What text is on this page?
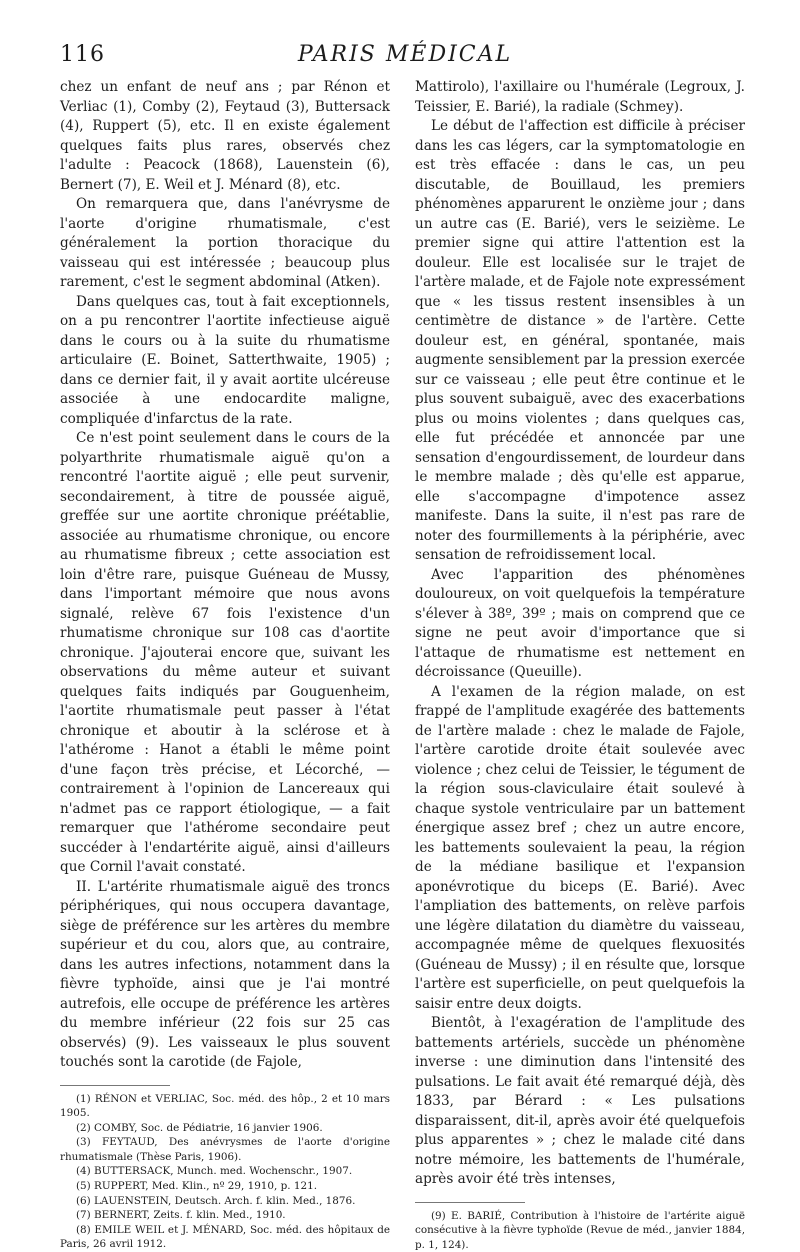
116	PARIS MÉDICAL

chez un enfant de neuf ans ; par Rénon et Verliac (1), Comby (2), Feytaud (3), Buttersack (4), Ruppert (5), etc. Il en existe également quelques faits plus rares, observés chez l'adulte : Peacock (1868), Lauenstein (6), Bernert (7), E. Weil et J. Ménard (8), etc.

On remarquera que, dans l'anévrysme de l'aorte d'origine rhumatismale, c'est généralement la portion thoracique du vaisseau qui est intéressée ; beaucoup plus rarement, c'est le segment abdominal (Atken).

Dans quelques cas, tout à fait exceptionnels, on a pu rencontrer l'aortite infectieuse aiguë dans le cours ou à la suite du rhumatisme articulaire (E. Boinet, Satterthwaite, 1905) ; dans ce dernier fait, il y avait aortite ulcéreuse associée à une endocardite maligne, compliquée d'infarctus de la rate.

Ce n'est point seulement dans le cours de la polyarthrite rhumatismale aiguë qu'on a rencontré l'aortite aiguë ; elle peut survenir, secondairement, à titre de poussée aiguë, greffée sur une aortite chronique préétablie, associée au rhumatisme chronique, ou encore au rhumatisme fibreux ; cette association est loin d'être rare, puisque Guéneau de Mussy, dans l'important mémoire que nous avons signalé, relève 67 fois l'existence d'un rhumatisme chronique sur 108 cas d'aortite chronique. J'ajouterai encore que, suivant les observations du même auteur et suivant quelques faits indiqués par Gouguenheim, l'aortite rhumatismale peut passer à l'état chronique et aboutir à la sclérose et à l'athérome : Hanot a établi le même point d'une façon très précise, et Lécorché, — contrairement à l'opinion de Lancereaux qui n'admet pas ce rapport étiologique, — a fait remarquer que l'athérome secondaire peut succéder à l'endartérite aiguë, ainsi d'ailleurs que Cornil l'avait constaté.

II. L'artérite rhumatismale aiguë des troncs périphériques, qui nous occupera davantage, siège de préférence sur les artères du membre supérieur et du cou, alors que, au contraire, dans les autres infections, notamment dans la fièvre typhoïde, ainsi que je l'ai montré autrefois, elle occupe de préférence les artères du membre inférieur (22 fois sur 25 cas observés) (9). Les vaisseaux le plus souvent touchés sont la carotide (de Fajole,

(1) RÉNON et VERLIAC, Soc. méd. des hôp., 2 et 10 mars 1905.

(2) COMBY, Soc. de Pédiatrie, 16 janvier 1906.

(3) FEYTAUD, Des anévrysmes de l'aorte d'origine rhumatismale (Thèse Paris, 1906).

(4) BUTTERSACK, Munch. med. Wochenschr., 1907.

(5) RUPPERT, Med. Klin., nº 29, 1910, p. 121.

(6) LAUENSTEIN, Deutsch. Arch. f. klin. Med., 1876.

(7) BERNERT, Zeits. f. klin. Med., 1910.

(8) EMILE WEIL et J. MÉNARD, Soc. méd. des hôpitaux de Paris, 26 avril 1912.

Mattirolo), l'axillaire ou l'humérale (Legroux, J. Teissier, E. Barié), la radiale (Schmey).

Le début de l'affection est difficile à préciser dans les cas légers, car la symptomatologie en est très effacée : dans le cas, un peu discutable, de Bouillaud, les premiers phénomènes apparurent le onzième jour ; dans un autre cas (E. Barié), vers le seizième. Le premier signe qui attire l'attention est la douleur. Elle est localisée sur le trajet de l'artère malade, et de Fajole note expressément que « les tissus restent insensibles à un centimètre de distance » de l'artère. Cette douleur est, en général, spontanée, mais augmente sensiblement par la pression exercée sur ce vaisseau ; elle peut être continue et le plus souvent subaiguë, avec des exacerbations plus ou moins violentes ; dans quelques cas, elle fut précédée et annoncée par une sensation d'engourdissement, de lourdeur dans le membre malade ; dès qu'elle est apparue, elle s'accompagne d'impotence assez manifeste. Dans la suite, il n'est pas rare de noter des fourmillements à la périphérie, avec sensation de refroidissement local.

Avec l'apparition des phénomènes douloureux, on voit quelquefois la température s'élever à 38º, 39º ; mais on comprend que ce signe ne peut avoir d'importance que si l'attaque de rhumatisme est nettement en décroissance (Queuille).

A l'examen de la région malade, on est frappé de l'amplitude exagérée des battements de l'artère malade : chez le malade de Fajole, l'artère carotide droite était soulevée avec violence ; chez celui de Teissier, le tégument de la région sous-claviculaire était soulevé à chaque systole ventriculaire par un battement énergique assez bref ; chez un autre encore, les battements soulevaient la peau, la région de la médiane basilique et l'expansion aponévrotique du biceps (E. Barié). Avec l'ampliation des battements, on relève parfois une légère dilatation du diamètre du vaisseau, accompagnée même de quelques flexuosités (Guéneau de Mussy) ; il en résulte que, lorsque l'artère est superficielle, on peut quelquefois la saisir entre deux doigts.

Bientôt, à l'exagération de l'amplitude des battements artériels, succède un phénomène inverse : une diminution dans l'intensité des pulsations. Le fait avait été remarqué déjà, dès 1833, par Bérard : « Les pulsations disparaissent, dit-il, après avoir été quelquefois plus apparentes » ; chez le malade cité dans notre mémoire, les battements de l'humérale, après avoir été très intenses,

(9) E. BARIÉ, Contribution à l'histoire de l'artérite aiguë consécutive à la fièvre typhoïde (Revue de méd., janvier 1884, p. 1, 124).
